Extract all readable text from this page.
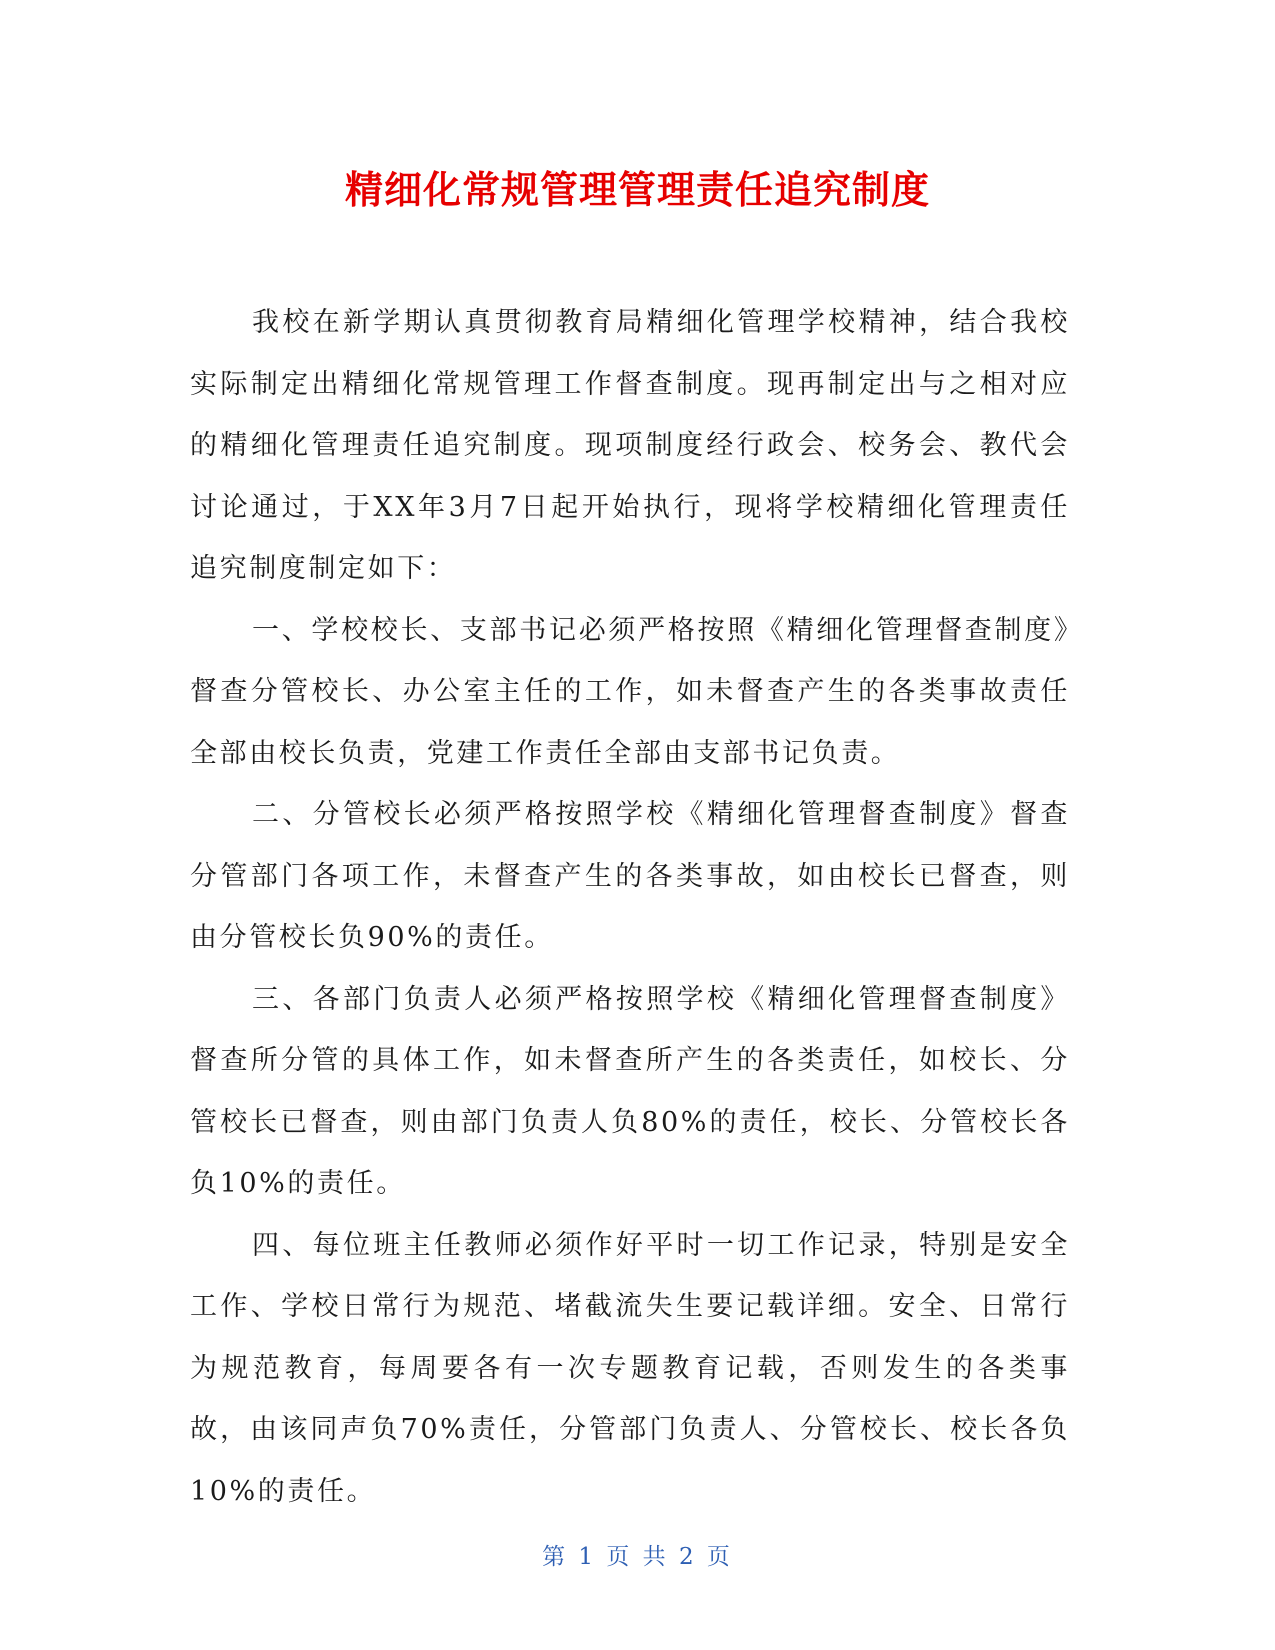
精细化常规管理管理责任追究制度

我校在新学期认真贯彻教育局精细化管理学校精神，结合我校实际制定出精细化常规管理工作督查制度。现再制定出与之相对应的精细化管理责任追究制度。现项制度经行政会、校务会、教代会讨论通过，于XX年3月7日起开始执行，现将学校精细化管理责任追究制度制定如下：

一、学校校长、支部书记必须严格按照《精细化管理督查制度》督查分管校长、办公室主任的工作，如未督查产生的各类事故责任全部由校长负责，党建工作责任全部由支部书记负责。

二、分管校长必须严格按照学校《精细化管理督查制度》督查分管部门各项工作，未督查产生的各类事故，如由校长已督查，则由分管校长负90%的责任。

三、各部门负责人必须严格按照学校《精细化管理督查制度》督查所分管的具体工作，如未督查所产生的各类责任，如校长、分管校长已督查，则由部门负责人负80%的责任，校长、分管校长各负10%的责任。

四、每位班主任教师必须作好平时一切工作记录，特别是安全工作、学校日常行为规范、堵截流失生要记载详细。安全、日常行为规范教育，每周要各有一次专题教育记载，否则发生的各类事故，由该同声负70%责任，分管部门负责人、分管校长、校长各负10%的责任。

第 1 页 共 2 页
